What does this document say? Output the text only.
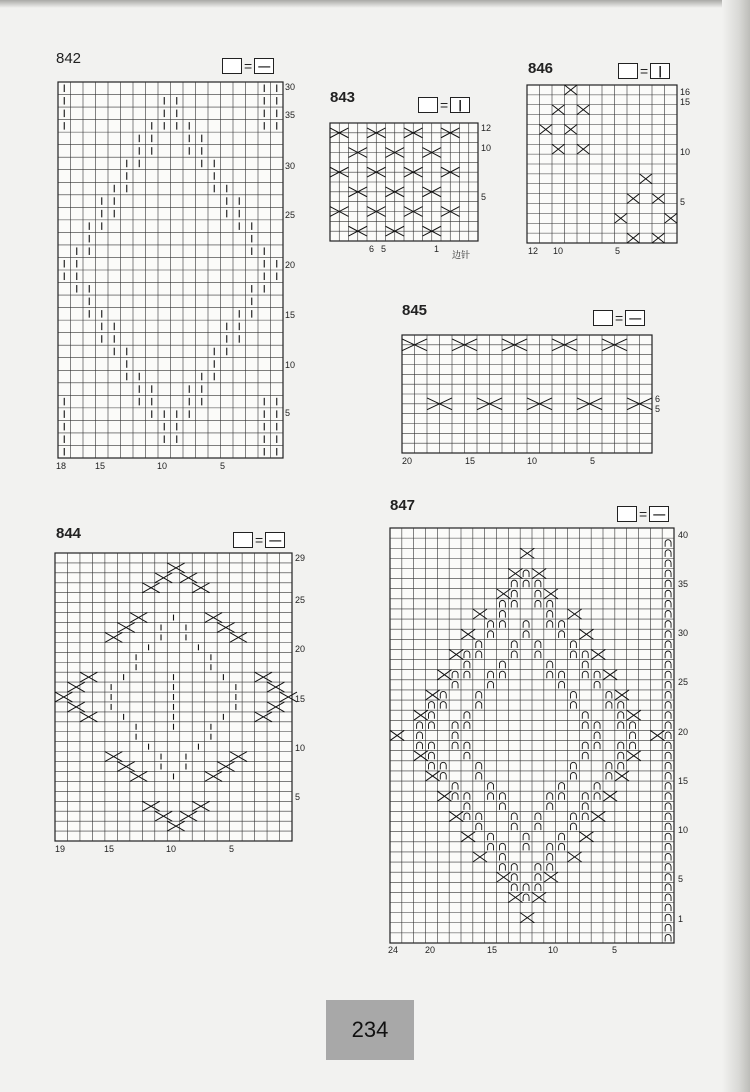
842	= —
30
35
30
25
20
15
10
5
18	15	10	5
843	= |
12
10
5
6 5	1
边针
846	= |
16
15
10
5
12 10	5
845	= —
6
5
20	15	10	5
844	= —
29
25
20
15
10
5
19	15	10	5
847	= —
40
35
30
25
20
15
10
5
1
24	20	15	10	5
234
